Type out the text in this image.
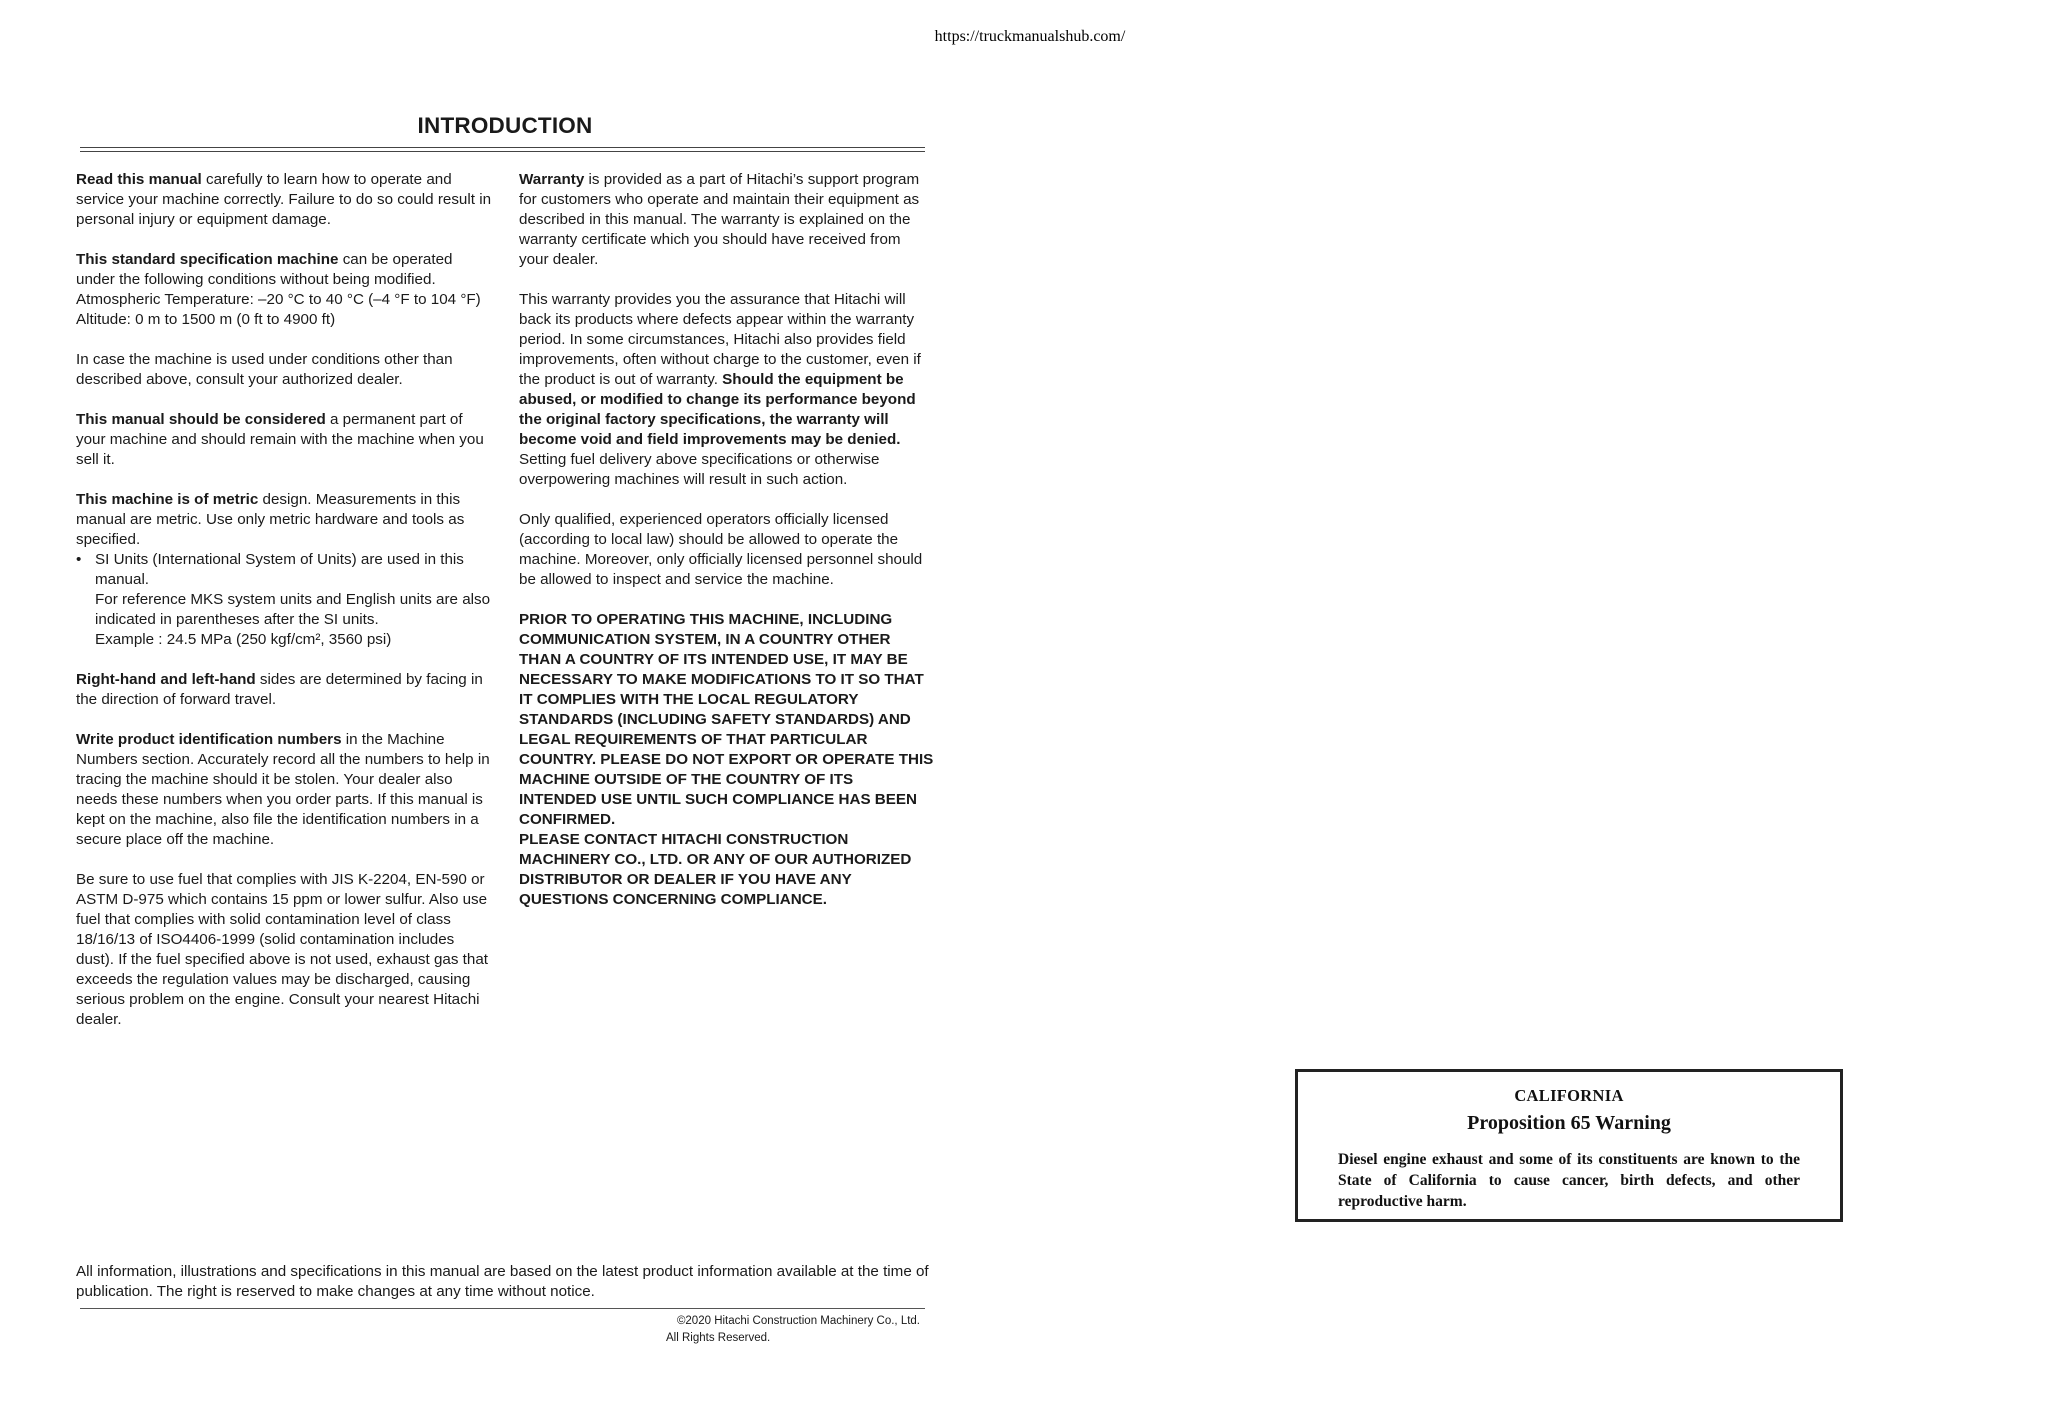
https://truckmanualshub.com/
INTRODUCTION

Read this manual carefully to learn how to operate and service your machine correctly. Failure to do so could result in personal injury or equipment damage.

This standard specification machine can be operated under the following conditions without being modified.
Atmospheric Temperature: –20 °C to 40 °C (–4 °F to 104 °F)
Altitude: 0 m to 1500 m (0 ft to 4900 ft)

In case the machine is used under conditions other than described above, consult your authorized dealer.

This manual should be considered a permanent part of your machine and should remain with the machine when you sell it.

This machine is of metric design. Measurements in this manual are metric. Use only metric hardware and tools as specified.

• SI Units (International System of Units) are used in this manual.
For reference MKS system units and English units are also indicated in parentheses after the SI units.
Example : 24.5 MPa (250 kgf/cm², 3560 psi)

Right-hand and left-hand sides are determined by facing in the direction of forward travel.

Write product identification numbers in the Machine Numbers section. Accurately record all the numbers to help in tracing the machine should it be stolen. Your dealer also needs these numbers when you order parts. If this manual is kept on the machine, also file the identification numbers in a secure place off the machine.

Be sure to use fuel that complies with JIS K-2204, EN-590 or ASTM D-975 which contains 15 ppm or lower sulfur. Also use fuel that complies with solid contamination level of class 18/16/13 of ISO4406-1999 (solid contamination includes dust). If the fuel specified above is not used, exhaust gas that exceeds the regulation values may be discharged, causing serious problem on the engine. Consult your nearest Hitachi dealer.

Warranty is provided as a part of Hitachi’s support program for customers who operate and maintain their equipment as described in this manual. The warranty is explained on the warranty certificate which you should have received from your dealer.

This warranty provides you the assurance that Hitachi will back its products where defects appear within the warranty period. In some circumstances, Hitachi also provides field improvements, often without charge to the customer, even if the product is out of warranty. Should the equipment be abused, or modified to change its performance beyond the original factory specifications, the warranty will become void and field improvements may be denied. Setting fuel delivery above specifications or otherwise overpowering machines will result in such action.

Only qualified, experienced operators officially licensed (according to local law) should be allowed to operate the machine. Moreover, only officially licensed personnel should be allowed to inspect and service the machine.

PRIOR TO OPERATING THIS MACHINE, INCLUDING COMMUNICATION SYSTEM, IN A COUNTRY OTHER THAN A COUNTRY OF ITS INTENDED USE, IT MAY BE NECESSARY TO MAKE MODIFICATIONS TO IT SO THAT IT COMPLIES WITH THE LOCAL REGULATORY STANDARDS (INCLUDING SAFETY STANDARDS) AND LEGAL REQUIREMENTS OF THAT PARTICULAR COUNTRY. PLEASE DO NOT EXPORT OR OPERATE THIS MACHINE OUTSIDE OF THE COUNTRY OF ITS INTENDED USE UNTIL SUCH COMPLIANCE HAS BEEN CONFIRMED.
PLEASE CONTACT HITACHI CONSTRUCTION MACHINERY CO., LTD. OR ANY OF OUR AUTHORIZED DISTRIBUTOR OR DEALER IF YOU HAVE ANY QUESTIONS CONCERNING COMPLIANCE.

All information, illustrations and specifications in this manual are based on the latest product information available at the time of publication. The right is reserved to make changes at any time without notice.
©2020 Hitachi Construction Machinery Co., Ltd.
All Rights Reserved.
CALIFORNIA
Proposition 65 Warning
Diesel engine exhaust and some of its constituents are known to the State of California to cause cancer, birth defects, and other reproductive harm.
